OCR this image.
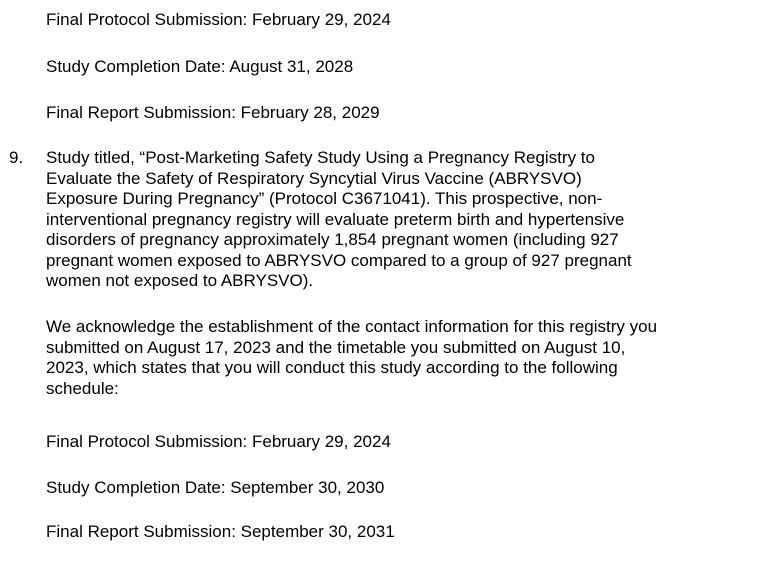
Final Protocol Submission: February 29, 2024

Study Completion Date: August 31, 2028

Final Report Submission: February 28, 2029

9. Study titled, “Post-Marketing Safety Study Using a Pregnancy Registry to

Evaluate the Safety of Respiratory Syncytial Virus Vaccine (ABRYSVO)

Exposure During Pregnancy” (Protocol C3671041). This prospective, non-

interventional pregnancy registry will evaluate preterm birth and hypertensive

disorders of pregnancy approximately 1,854 pregnant women (including 927

pregnant women exposed to ABRYSVO compared to a group of 927 pregnant

women not exposed to ABRYSVO).

We acknowledge the establishment of the contact information for this registry you

submitted on August 17, 2023 and the timetable you submitted on August 10,

2023, which states that you will conduct this study according to the following

schedule:

Final Protocol Submission: February 29, 2024

Study Completion Date: September 30, 2030

Final Report Submission: September 30, 2031
